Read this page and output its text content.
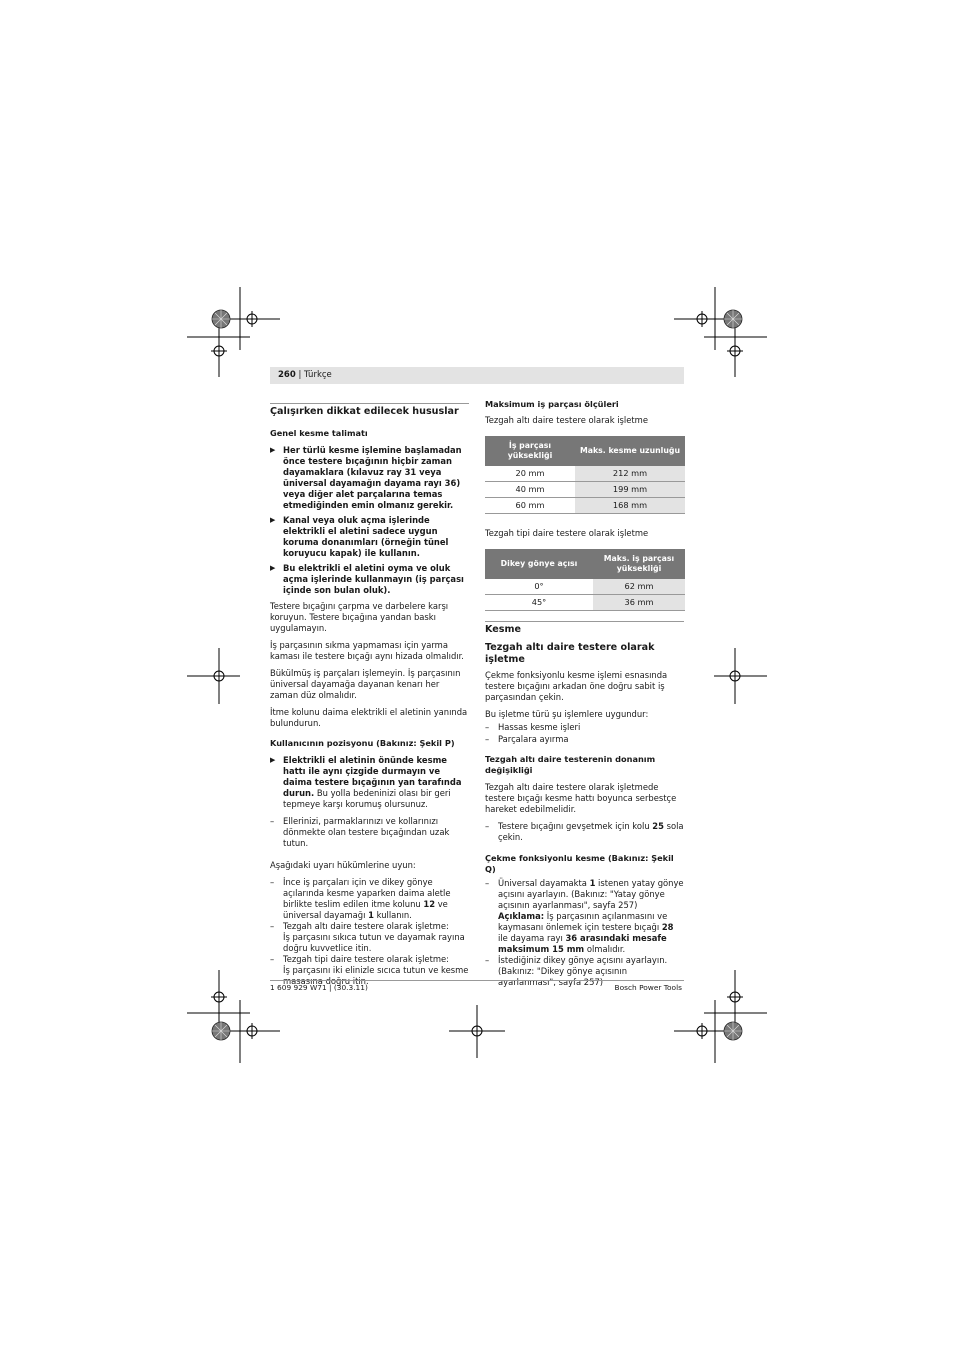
260 | Türkçe

Çalışırken dikkat edilecek hususlar

Genel kesme talimatı

▶ Her türlü kesme işlemine başlamadan önce testere bıçağının hiçbir zaman dayamaklara (kılavuz ray 31 veya üniversal dayamağın dayama rayı 36) veya diğer alet parçalarına temas etmediğinden emin olmanız gerekir.
▶ Kanal veya oluk açma işlerinde elektrikli el aletini sadece uygun koruma donanımları (örneğin tünel koruyucu kapak) ile kullanın.
▶ Bu elektrikli el aletini oyma ve oluk açma işlerinde kullanmayın (iş parçası içinde son bulan oluk).

Testere bıçağını çarpma ve darbelere karşı koruyun. Testere bıçağına yandan baskı uygulamayın.

İş parçasının sıkma yapmaması için yarma kaması ile testere bıçağı aynı hizada olmalıdır.

Bükülmüş iş parçaları işlemeyin. İş parçasının üniversal dayamağa dayanan kenarı her zaman düz olmalıdır.

İtme kolunu daima elektrikli el aletinin yanında bulundurun.

Kullanıcının pozisyonu (Bakınız: Şekil P)

▶ Elektrikli el aletinin önünde kesme hattı ile aynı çizgide durmayın ve daima testere bıçağının yan tarafında durun. Bu yolla bedeninizi olası bir geri tepmeye karşı korumuş olursunuz.
– Ellerinizi, parmaklarınızı ve kollarınızı dönmekte olan testere bıçağından uzak tutun.

Aşağıdaki uyarı hükümlerine uyun:

– İnce iş parçaları için ve dikey gönye açılarında kesme yaparken daima aletle birlikte teslim edilen itme kolunu 12 ve üniversal dayamağı 1 kullanın.
– Tezgah altı daire testere olarak işletme:
İş parçasını sıkıca tutun ve dayamak rayına doğru kuvvetlice itin.
– Tezgah tipi daire testere olarak işletme:
İş parçasını iki elinizle sıcıca tutun ve kesme masasına doğru itin.

Maksimum iş parçası ölçüleri

Tezgah altı daire testere olarak işletme

İş parçası yüksekliği	Maks. kesme uzunluğu
20 mm	212 mm
40 mm	199 mm
60 mm	168 mm

Tezgah tipi daire testere olarak işletme

Dikey gönye açısı	Maks. iş parçası yüksekliği
0°	62 mm
45°	36 mm

Kesme

Tezgah altı daire testere olarak işletme

Çekme fonksiyonlu kesme işlemi esnasında testere bıçağını arkadan öne doğru sabit iş parçasından çekin.

Bu işletme türü şu işlemlere uygundur:

– Hassas kesme işleri
– Parçalara ayırma

Tezgah altı daire testerenin donanım değişikliği

Tezgah altı daire testere olarak işletmede testere bıçağı kesme hattı boyunca serbestçe hareket edebilmelidir.

– Testere bıçağını gevşetmek için kolu 25 sola çekin.

Çekme fonksiyonlu kesme (Bakınız: Şekil Q)

– Üniversal dayamakta 1 istenen yatay gönye açısını ayarlayın. (Bakınız: "Yatay gönye açısının ayarlanması", sayfa 257)
Açıklama: İş parçasının açılanmasını ve kaymasanı önlemek için testere bıçağı 28 ile dayama rayı 36 arasındaki mesafe maksimum 15 mm olmalıdır.
– İstediğiniz dikey gönye açısını ayarlayın. (Bakınız: "Dikey gönye açısının ayarlanması", sayfa 257)
1 609 929 W71 | (30.3.11)	Bosch Power Tools
